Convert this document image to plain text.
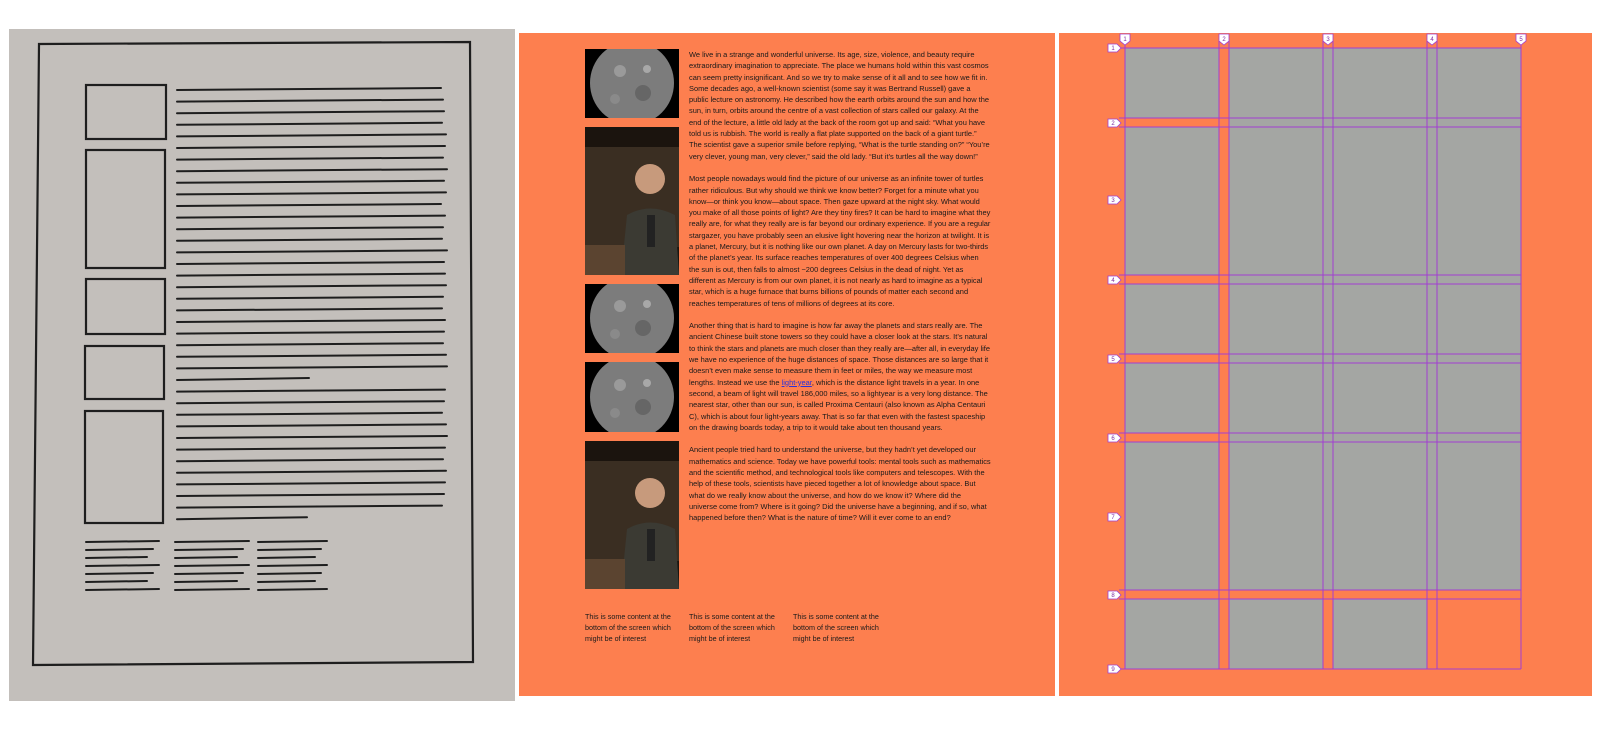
We live in a strange and wonderful universe. Its age, size, violence, and beauty require extraordinary imagination to appreciate. The place we humans hold within this vast cosmos can seem pretty insignificant. And so we try to make sense of it all and to see how we fit in. Some decades ago, a well-known scientist (some say it was Bertrand Russell) gave a public lecture on astronomy. He described how the earth orbits around the sun and how the sun, in turn, orbits around the centre of a vast collection of stars called our galaxy. At the end of the lecture, a little old lady at the back of the room got up and said: “What you have told us is rubbish. The world is really a flat plate supported on the back of a giant turtle.” The scientist gave a superior smile before replying, “What is the turtle standing on?” “You’re very clever, young man, very clever,” said the old lady. “But it’s turtles all the way down!”

Most people nowadays would find the picture of our universe as an infinite tower of turtles rather ridiculous. But why should we think we know better? Forget for a minute what you know—or think you know—about space. Then gaze upward at the night sky. What would you make of all those points of light? Are they tiny fires? It can be hard to imagine what they really are, for what they really are is far beyond our ordinary experience. If you are a regular stargazer, you have probably seen an elusive light hovering near the horizon at twilight. It is a planet, Mercury, but it is nothing like our own planet. A day on Mercury lasts for two-thirds of the planet’s year. Its surface reaches temperatures of over 400 degrees Celsius when the sun is out, then falls to almost −200 degrees Celsius in the dead of night. Yet as different as Mercury is from our own planet, it is not nearly as hard to imagine as a typical star, which is a huge furnace that burns billions of pounds of matter each second and reaches temperatures of tens of millions of degrees at its core.

Another thing that is hard to imagine is how far away the planets and stars really are. The ancient Chinese built stone towers so they could have a closer look at the stars. It’s natural to think the stars and planets are much closer than they really are—after all, in everyday life we have no experience of the huge distances of space. Those distances are so large that it doesn’t even make sense to measure them in feet or miles, the way we measure most lengths. Instead we use the light-year, which is the distance light travels in a year. In one second, a beam of light will travel 186,000 miles, so a lightyear is a very long distance. The nearest star, other than our sun, is called Proxima Centauri (also known as Alpha Centauri C), which is about four light-years away. That is so far that even with the fastest spaceship on the drawing boards today, a trip to it would take about ten thousand years.

Ancient people tried hard to understand the universe, but they hadn’t yet developed our mathematics and science. Today we have powerful tools: mental tools such as mathematics and the scientific method, and technological tools like computers and telescopes. With the help of these tools, scientists have pieced together a lot of knowledge about space. But what do we really know about the universe, and how do we know it? Where did the universe come from? Where is it going? Did the universe have a beginning, and if so, what happened before then? What is the nature of time? Will it ever come to an end?

This is some content at the bottom of the screen which might be of interest
This is some content at the bottom of the screen which might be of interest
This is some content at the bottom of the screen which might be of interest
1	2	3	4	5
1
2
3
4
5
6
7
8
9
